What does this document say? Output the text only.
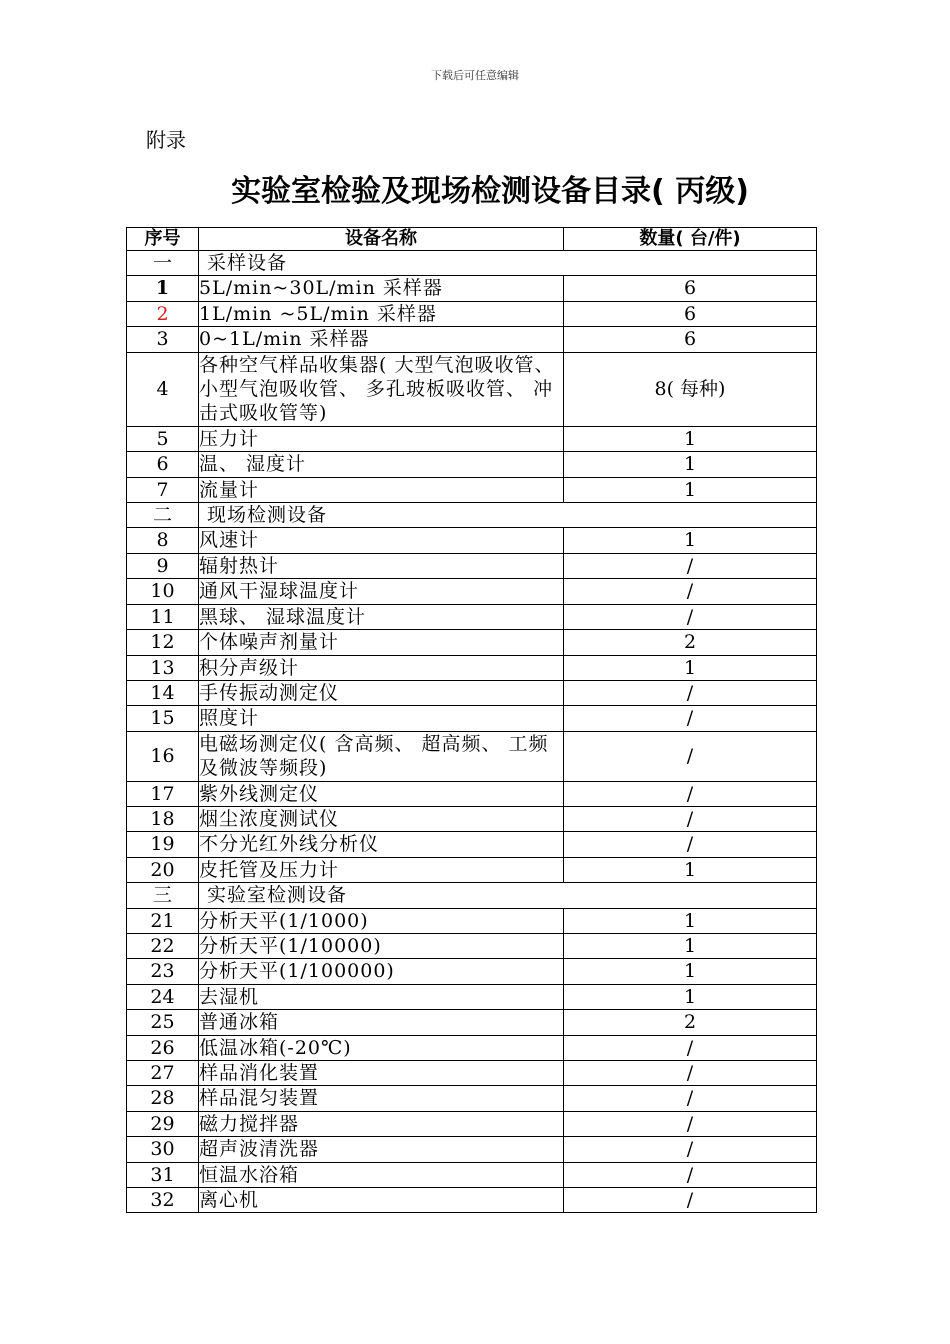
下载后可任意编辑
附录
实验室检验及现场检测设备目录( 丙级)
序号	设备名称	数量( 台/件)
一	采样设备	
1	5L/min~30L/min 采样器	6
2	1L/min ~5L/min 采样器	6
3	0~1L/min 采样器	6
4	各种空气样品收集器( 大型气泡吸收管、 小型气泡吸收管、 多孔玻板吸收管、 冲击式吸收管等)	8( 每种)
5	压力计	1
6	温、 湿度计	1
7	流量计	1
二	现场检测设备	
8	风速计	1
9	辐射热计	/
10	通风干湿球温度计	/
11	黑球、 湿球温度计	/
12	个体噪声剂量计	2
13	积分声级计	1
14	手传振动测定仪	/
15	照度计	/
16	电磁场测定仪( 含高频、 超高频、 工频及微波等频段)	/
17	紫外线测定仪	/
18	烟尘浓度测试仪	/
19	不分光红外线分析仪	/
20	皮托管及压力计	1
三	实验室检测设备	
21	分析天平(1/1000)	1
22	分析天平(1/10000)	1
23	分析天平(1/100000)	1
24	去湿机	1
25	普通冰箱	2
26	低温冰箱(-20℃)	/
27	样品消化装置	/
28	样品混匀装置	/
29	磁力搅拌器	/
30	超声波清洗器	/
31	恒温水浴箱	/
32	离心机	/
